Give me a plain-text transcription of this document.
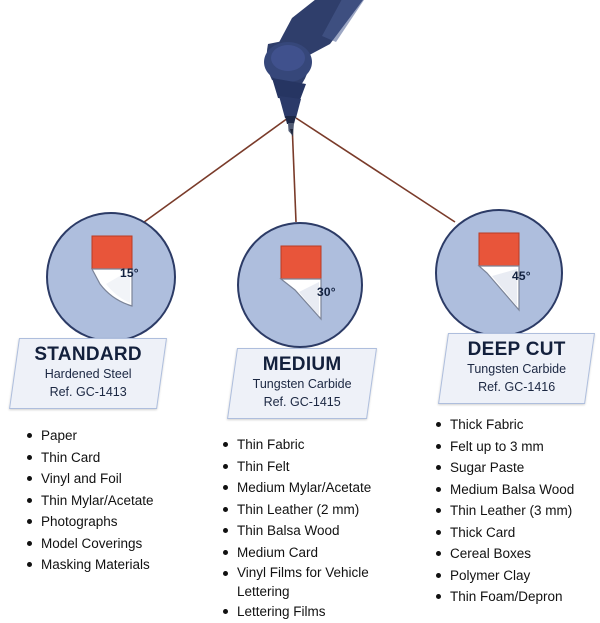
15°
STANDARD
Hardened Steel
Ref. GC-1413
Paper
Thin Card
Vinyl and Foil
Thin Mylar/Acetate
Photographs
Model Coverings
Masking Materials
30°
MEDIUM
Tungsten Carbide
Ref. GC-1415
Thin Fabric
Thin Felt
Medium Mylar/Acetate
Thin Leather (2 mm)
Thin Balsa Wood
Medium Card
Vinyl Films for Vehicle Lettering
Lettering Films
45°
DEEP CUT
Tungsten Carbide
Ref. GC-1416
Thick Fabric
Felt up to 3 mm
Sugar Paste
Medium Balsa Wood
Thin Leather (3 mm)
Thick Card
Cereal Boxes
Polymer Clay
Thin Foam/Depron
